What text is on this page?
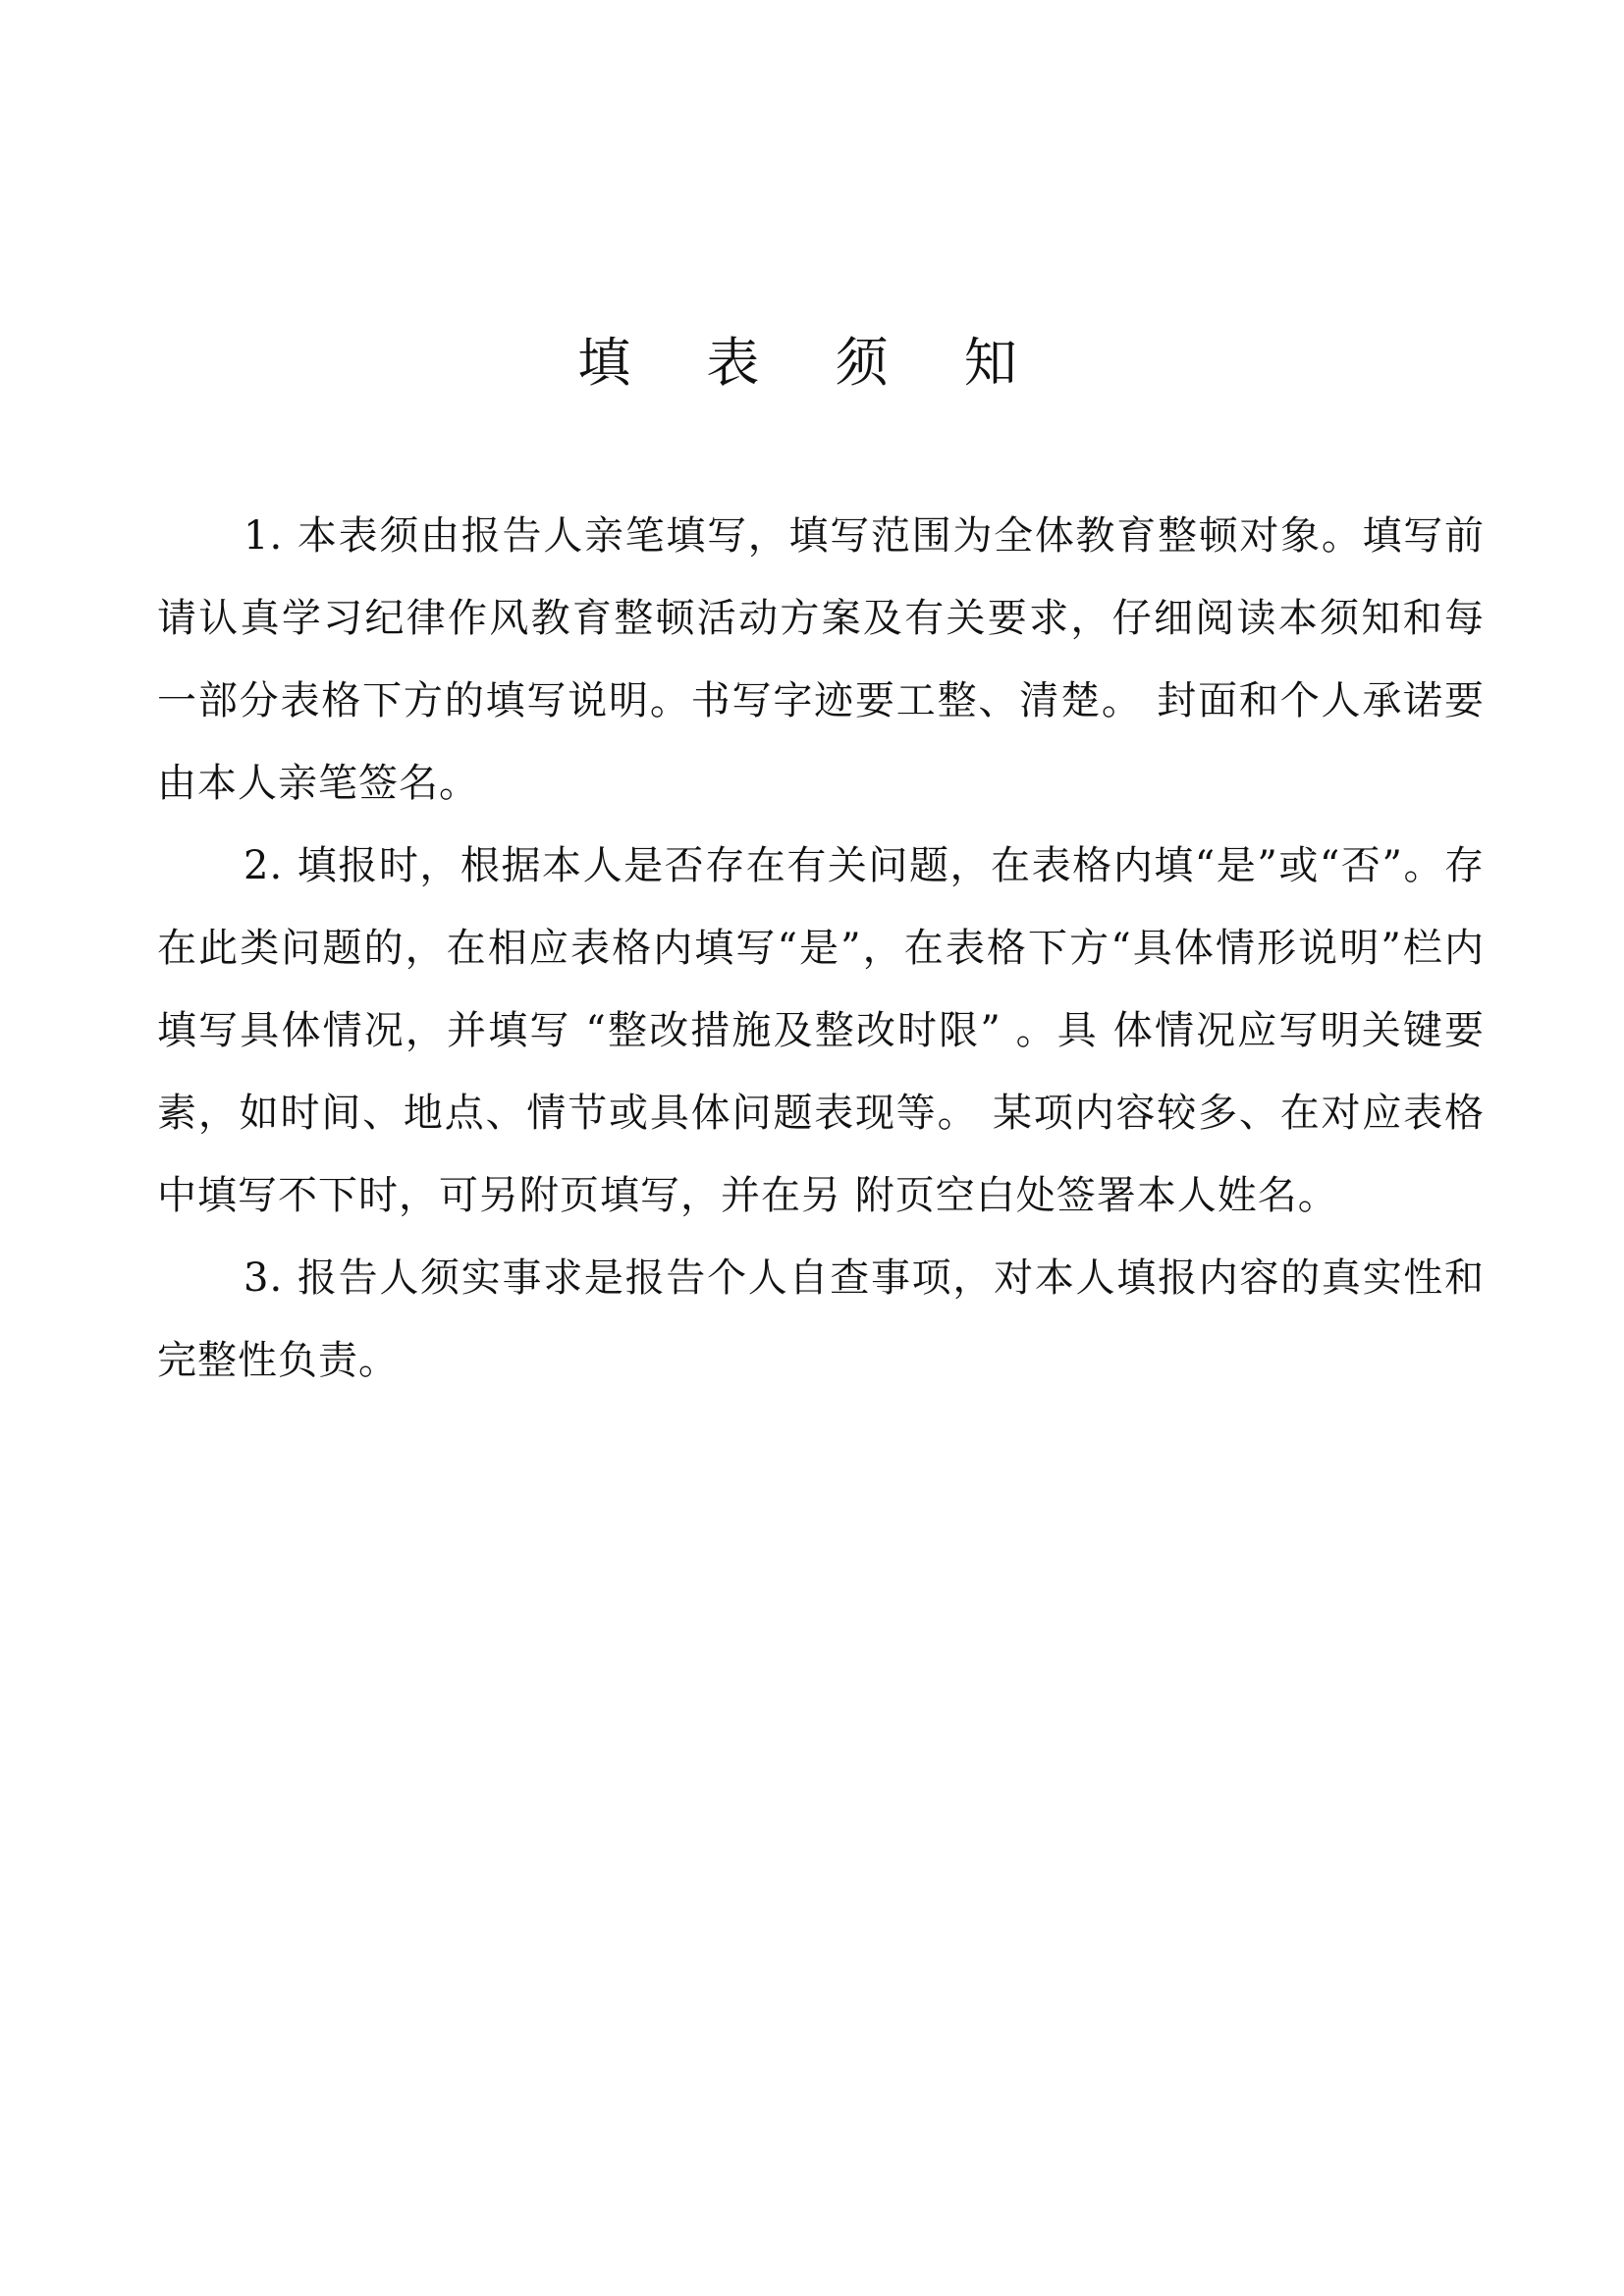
填 表 须 知

1. 本表须由报告人亲笔填写，填写范围为全体教育整顿对象。填写前请认真学习纪律作风教育整顿活动方案及有关要求，仔细阅读本须知和每一部分表格下方的填写说明。书写字迹要工整、清楚。 封面和个人承诺要由本人亲笔签名。

2. 填报时，根据本人是否存在有关问题，在表格内填“是”或“否”。存在此类问题的，在相应表格内填写“是”，在表格下方“具体情形说明”栏内填写具体情况，并填写 “整改措施及整改时限” 。具 体情况应写明关键要素，如时间、地点、情节或具体问题表现等。 某项内容较多、在对应表格中填写不下时，可另附页填写，并在另 附页空白处签署本人姓名。

3. 报告人须实事求是报告个人自查事项，对本人填报内容的真实性和完整性负责。
